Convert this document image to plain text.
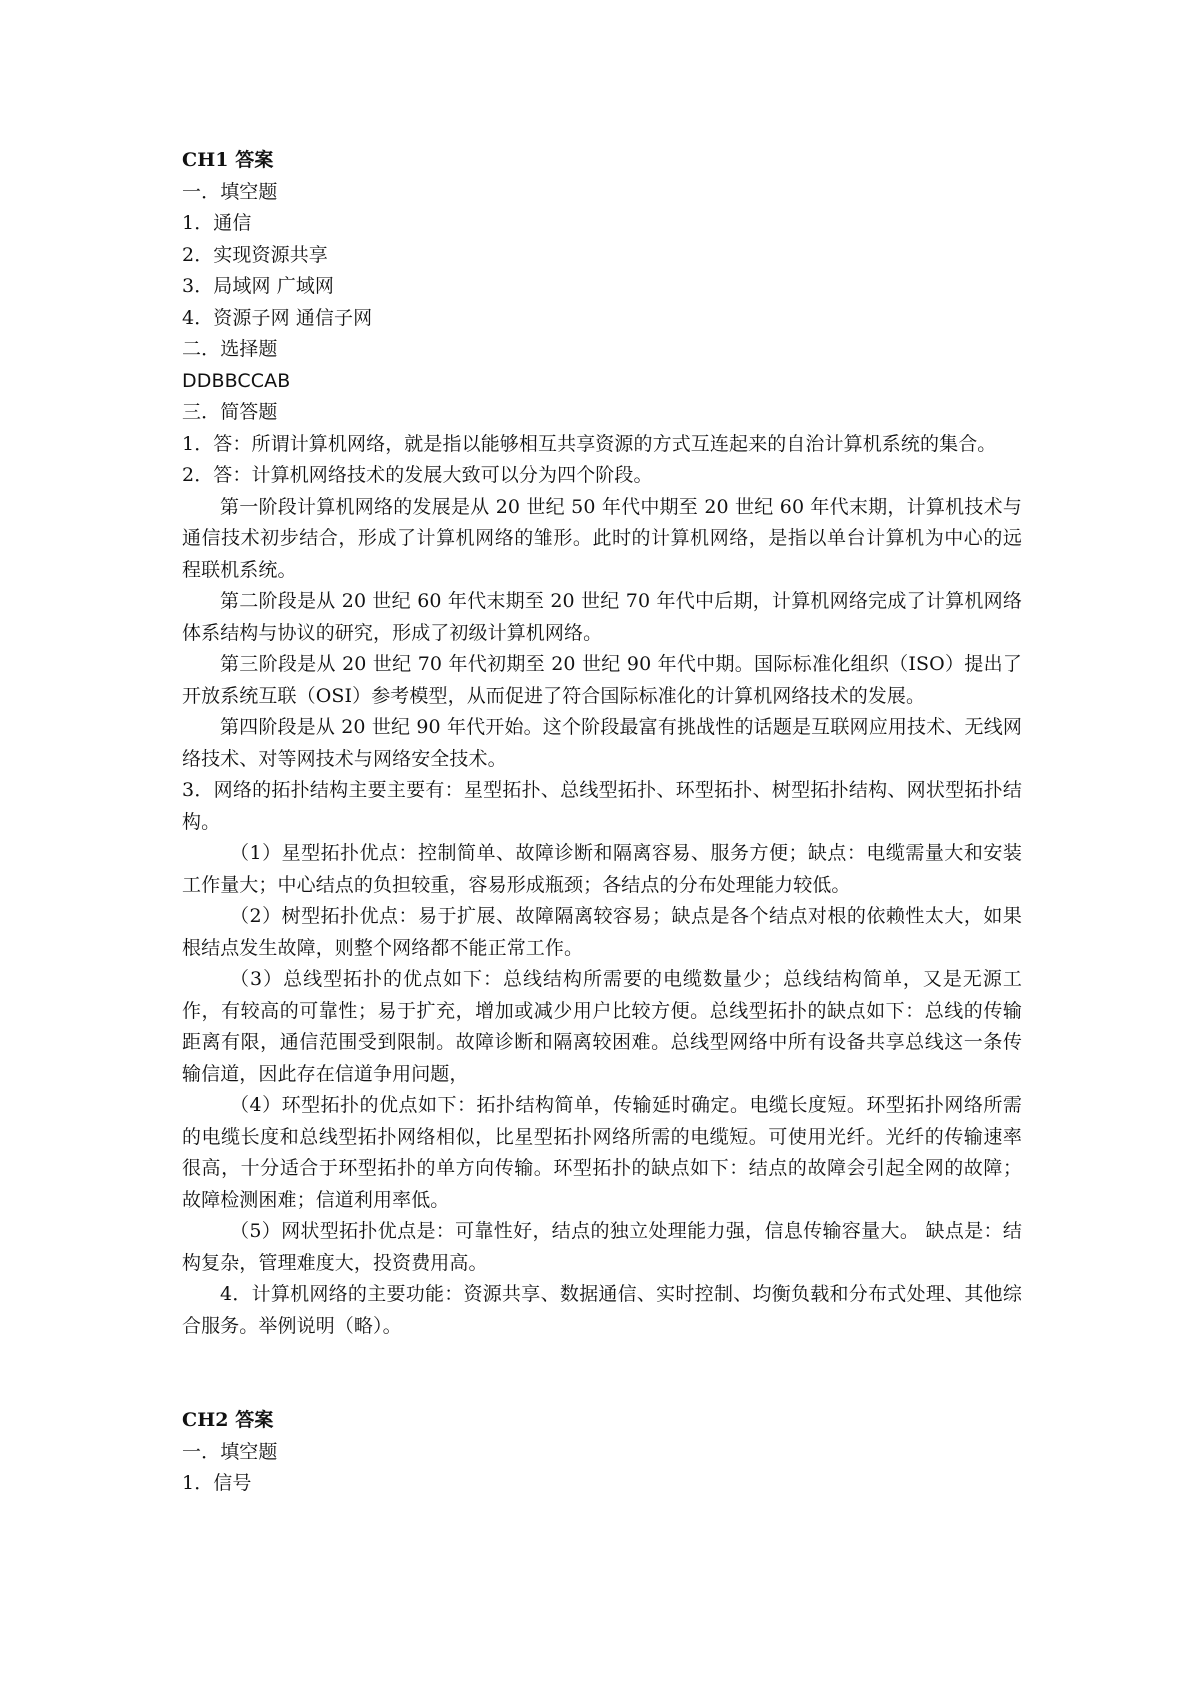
CH1 答案
一．填空题
1．通信
2．实现资源共享
3．局域网 广域网
4．资源子网 通信子网
二．选择题
DDBBCCAB
三．简答题

1．答：所谓计算机网络，就是指以能够相互共享资源的方式互连起来的自治计算机系统的集合。

2．答：计算机网络技术的发展大致可以分为四个阶段。

第一阶段计算机网络的发展是从 20 世纪 50 年代中期至 20 世纪 60 年代末期，计算机技术与通信技术初步结合，形成了计算机网络的雏形。此时的计算机网络，是指以单台计算机为中心的远程联机系统。

第二阶段是从 20 世纪 60 年代末期至 20 世纪 70 年代中后期，计算机网络完成了计算机网络体系结构与协议的研究，形成了初级计算机网络。

第三阶段是从 20 世纪 70 年代初期至 20 世纪 90 年代中期。国际标准化组织（ISO）提出了开放系统互联（OSI）参考模型，从而促进了符合国际标准化的计算机网络技术的发展。

第四阶段是从 20 世纪 90 年代开始。这个阶段最富有挑战性的话题是互联网应用技术、无线网络技术、对等网技术与网络安全技术。

3．网络的拓扑结构主要主要有：星型拓扑、总线型拓扑、环型拓扑、树型拓扑结构、网状型拓扑结构。

（1）星型拓扑优点：控制简单、故障诊断和隔离容易、服务方便；缺点：电缆需量大和安装工作量大；中心结点的负担较重，容易形成瓶颈；各结点的分布处理能力较低。

（2）树型拓扑优点：易于扩展、故障隔离较容易；缺点是各个结点对根的依赖性太大，如果根结点发生故障，则整个网络都不能正常工作。

（3）总线型拓扑的优点如下：总线结构所需要的电缆数量少；总线结构简单，又是无源工作，有较高的可靠性；易于扩充，增加或减少用户比较方便。总线型拓扑的缺点如下：总线的传输距离有限，通信范围受到限制。故障诊断和隔离较困难。总线型网络中所有设备共享总线这一条传输信道，因此存在信道争用问题，

（4）环型拓扑的优点如下：拓扑结构简单，传输延时确定。电缆长度短。环型拓扑网络所需的电缆长度和总线型拓扑网络相似，比星型拓扑网络所需的电缆短。可使用光纤。光纤的传输速率很高，十分适合于环型拓扑的单方向传输。环型拓扑的缺点如下：结点的故障会引起全网的故障；故障检测困难；信道利用率低。

（5）网状型拓扑优点是：可靠性好，结点的独立处理能力强，信息传输容量大。 缺点是：结构复杂，管理难度大，投资费用高。

4．计算机网络的主要功能：资源共享、数据通信、实时控制、均衡负载和分布式处理、其他综合服务。举例说明（略）。

CH2 答案
一．填空题
1．信号
